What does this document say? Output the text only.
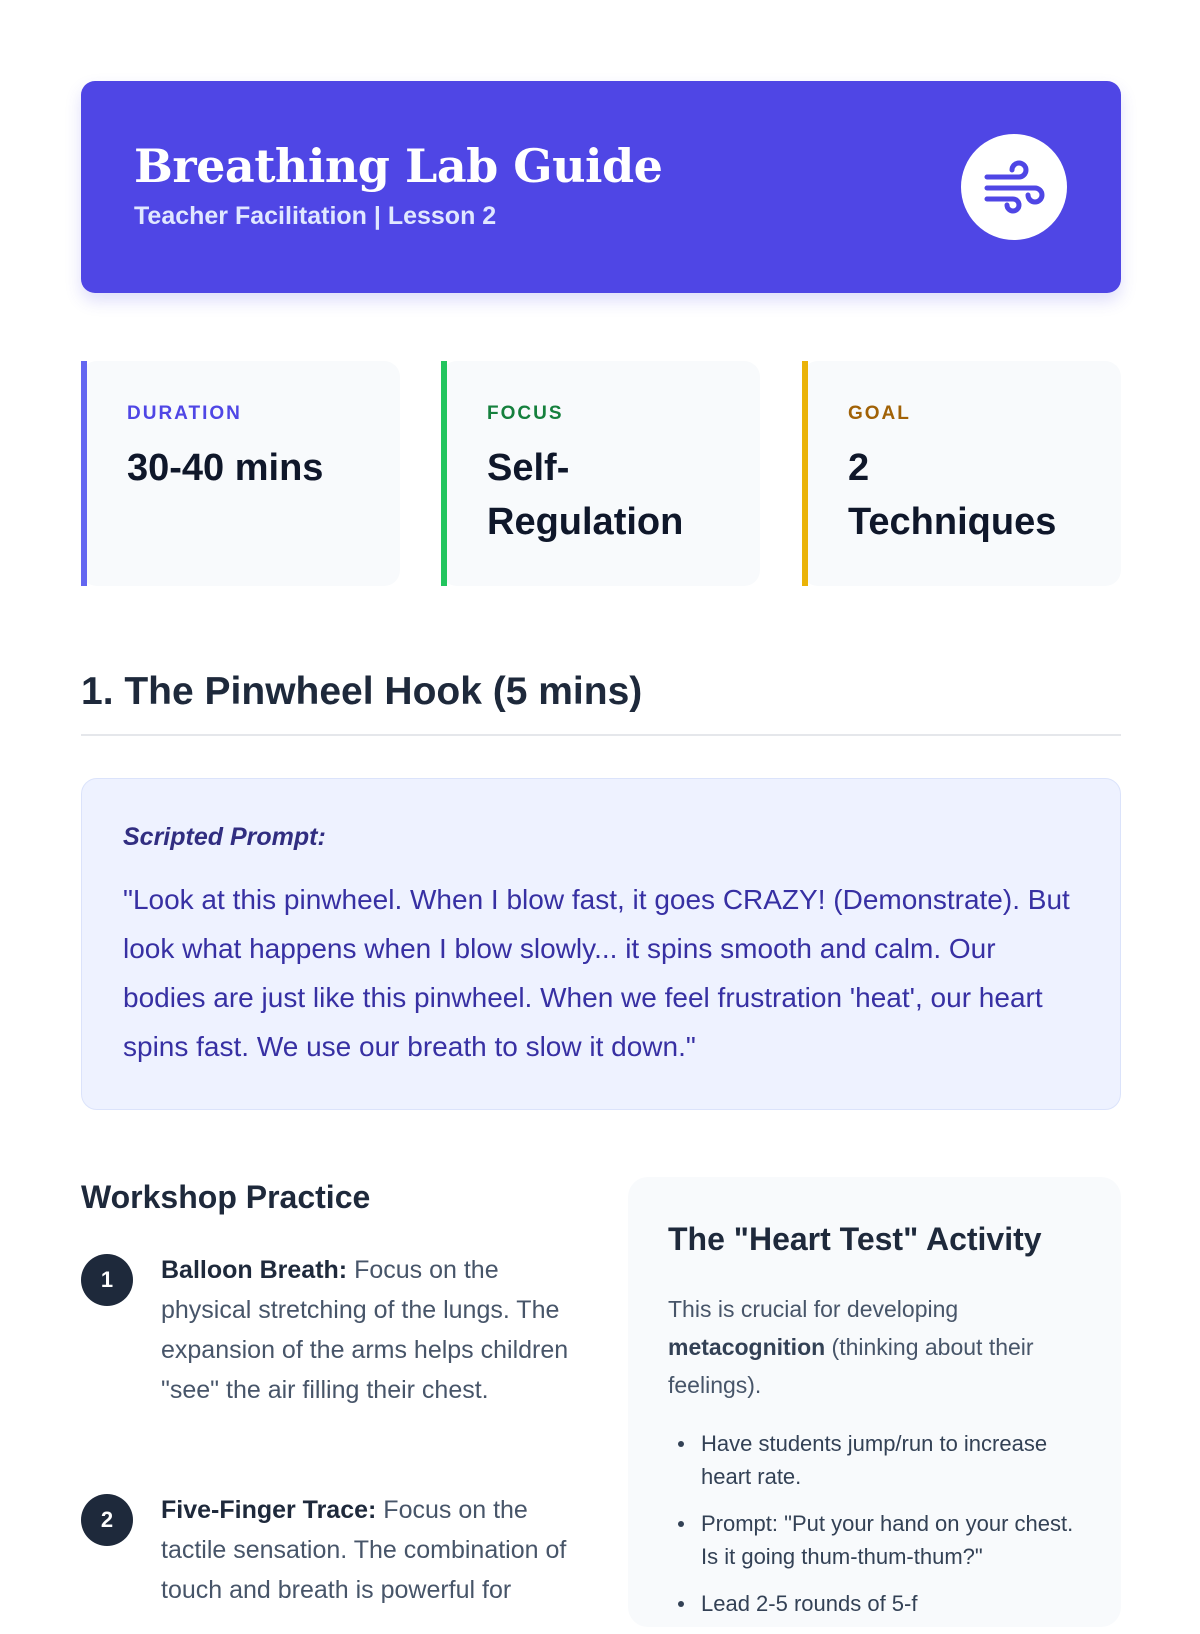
Breathing Lab Guide
Teacher Facilitation | Lesson 2
DURATION
30-40 mins
FOCUS
Self-Regulation
GOAL
2 Techniques
1. The Pinwheel Hook (5 mins)
Scripted Prompt:
"Look at this pinwheel. When I blow fast, it goes CRAZY! (Demonstrate). But look what happens when I blow slowly... it spins smooth and calm. Our bodies are just like this pinwheel. When we feel frustration 'heat', our heart spins fast. We use our breath to slow it down."
Workshop Practice
1	Balloon Breath: Focus on the physical stretching of the lungs. The expansion of the arms helps children "see" the air filling their chest.
2	Five-Finger Trace: Focus on the tactile sensation. The combination of touch and breath is powerful for
The "Heart Test" Activity
This is crucial for developing metacognition (thinking about their feelings).
Have students jump/run to increase heart rate.
Prompt: "Put your hand on your chest. Is it going thum-thum-thum?"
Lead 2-5 rounds of 5-f
